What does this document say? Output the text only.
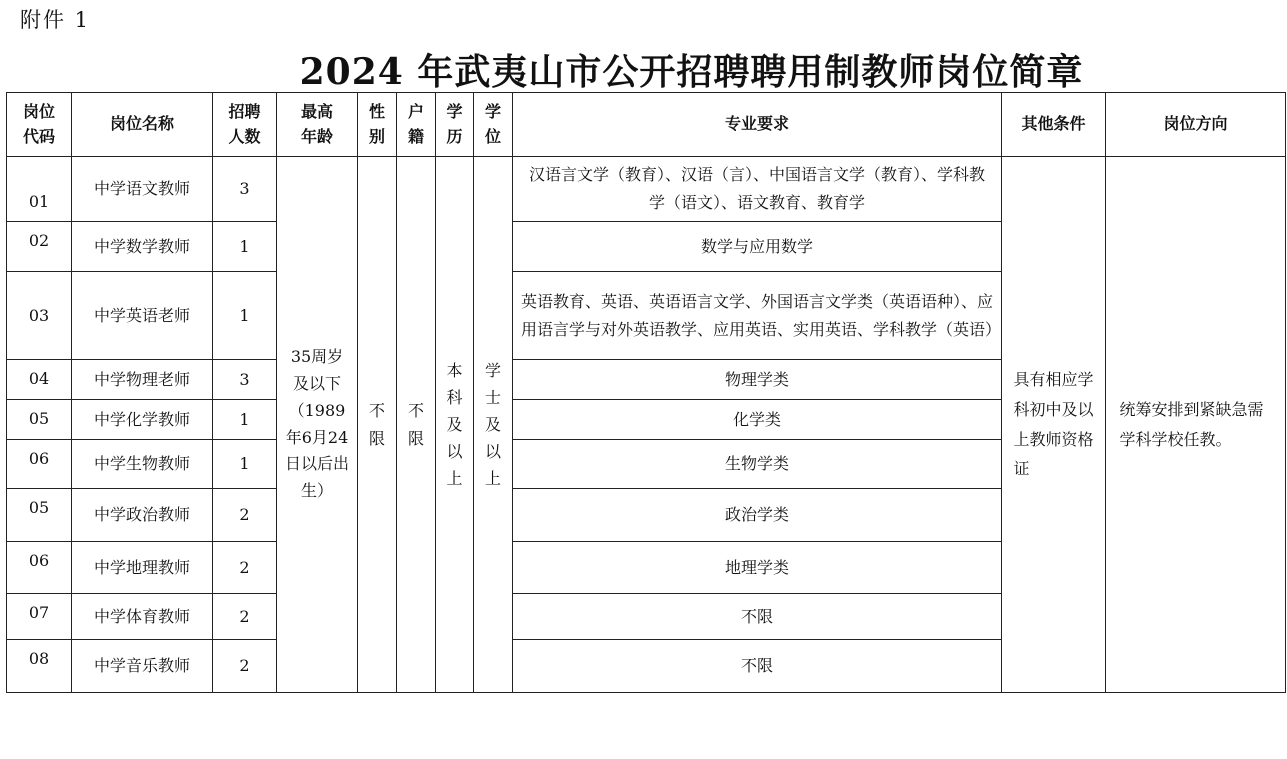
附件 1
2024 年武夷山市公开招聘聘用制教师岗位简章
岗位代码	岗位名称	招聘人数	最高年龄	性别	户籍	学历	学位	专业要求	其他条件	岗位方向
01	中学语文教师	3	35周岁及以下（1989年6月24日以后出生）	不限	不限	本科及以上	学士及以上	汉语言文学（教育）、汉语（言）、中国语言文学（教育）、学科教学（语文）、语文教育、教育学	具有相应学科初中及以上教师资格证	统筹安排到紧缺急需学科学校任教。

02	中学数学教师	1						数学与应用数学		
03	中学英语老师	1						英语教育、英语、英语语言文学、外国语言文学类（英语语种）、应用语言学与对外英语教学、应用英语、实用英语、学科教学（英语）		
04	中学物理老师	3						物理学类		
05	中学化学教师	1						化学类		
06	中学生物教师	1						生物学类		
05	中学政治教师	2						政治学类		
06	中学地理教师	2						地理学类		
07	中学体育教师	2						不限		
08	中学音乐教师	2						不限		
